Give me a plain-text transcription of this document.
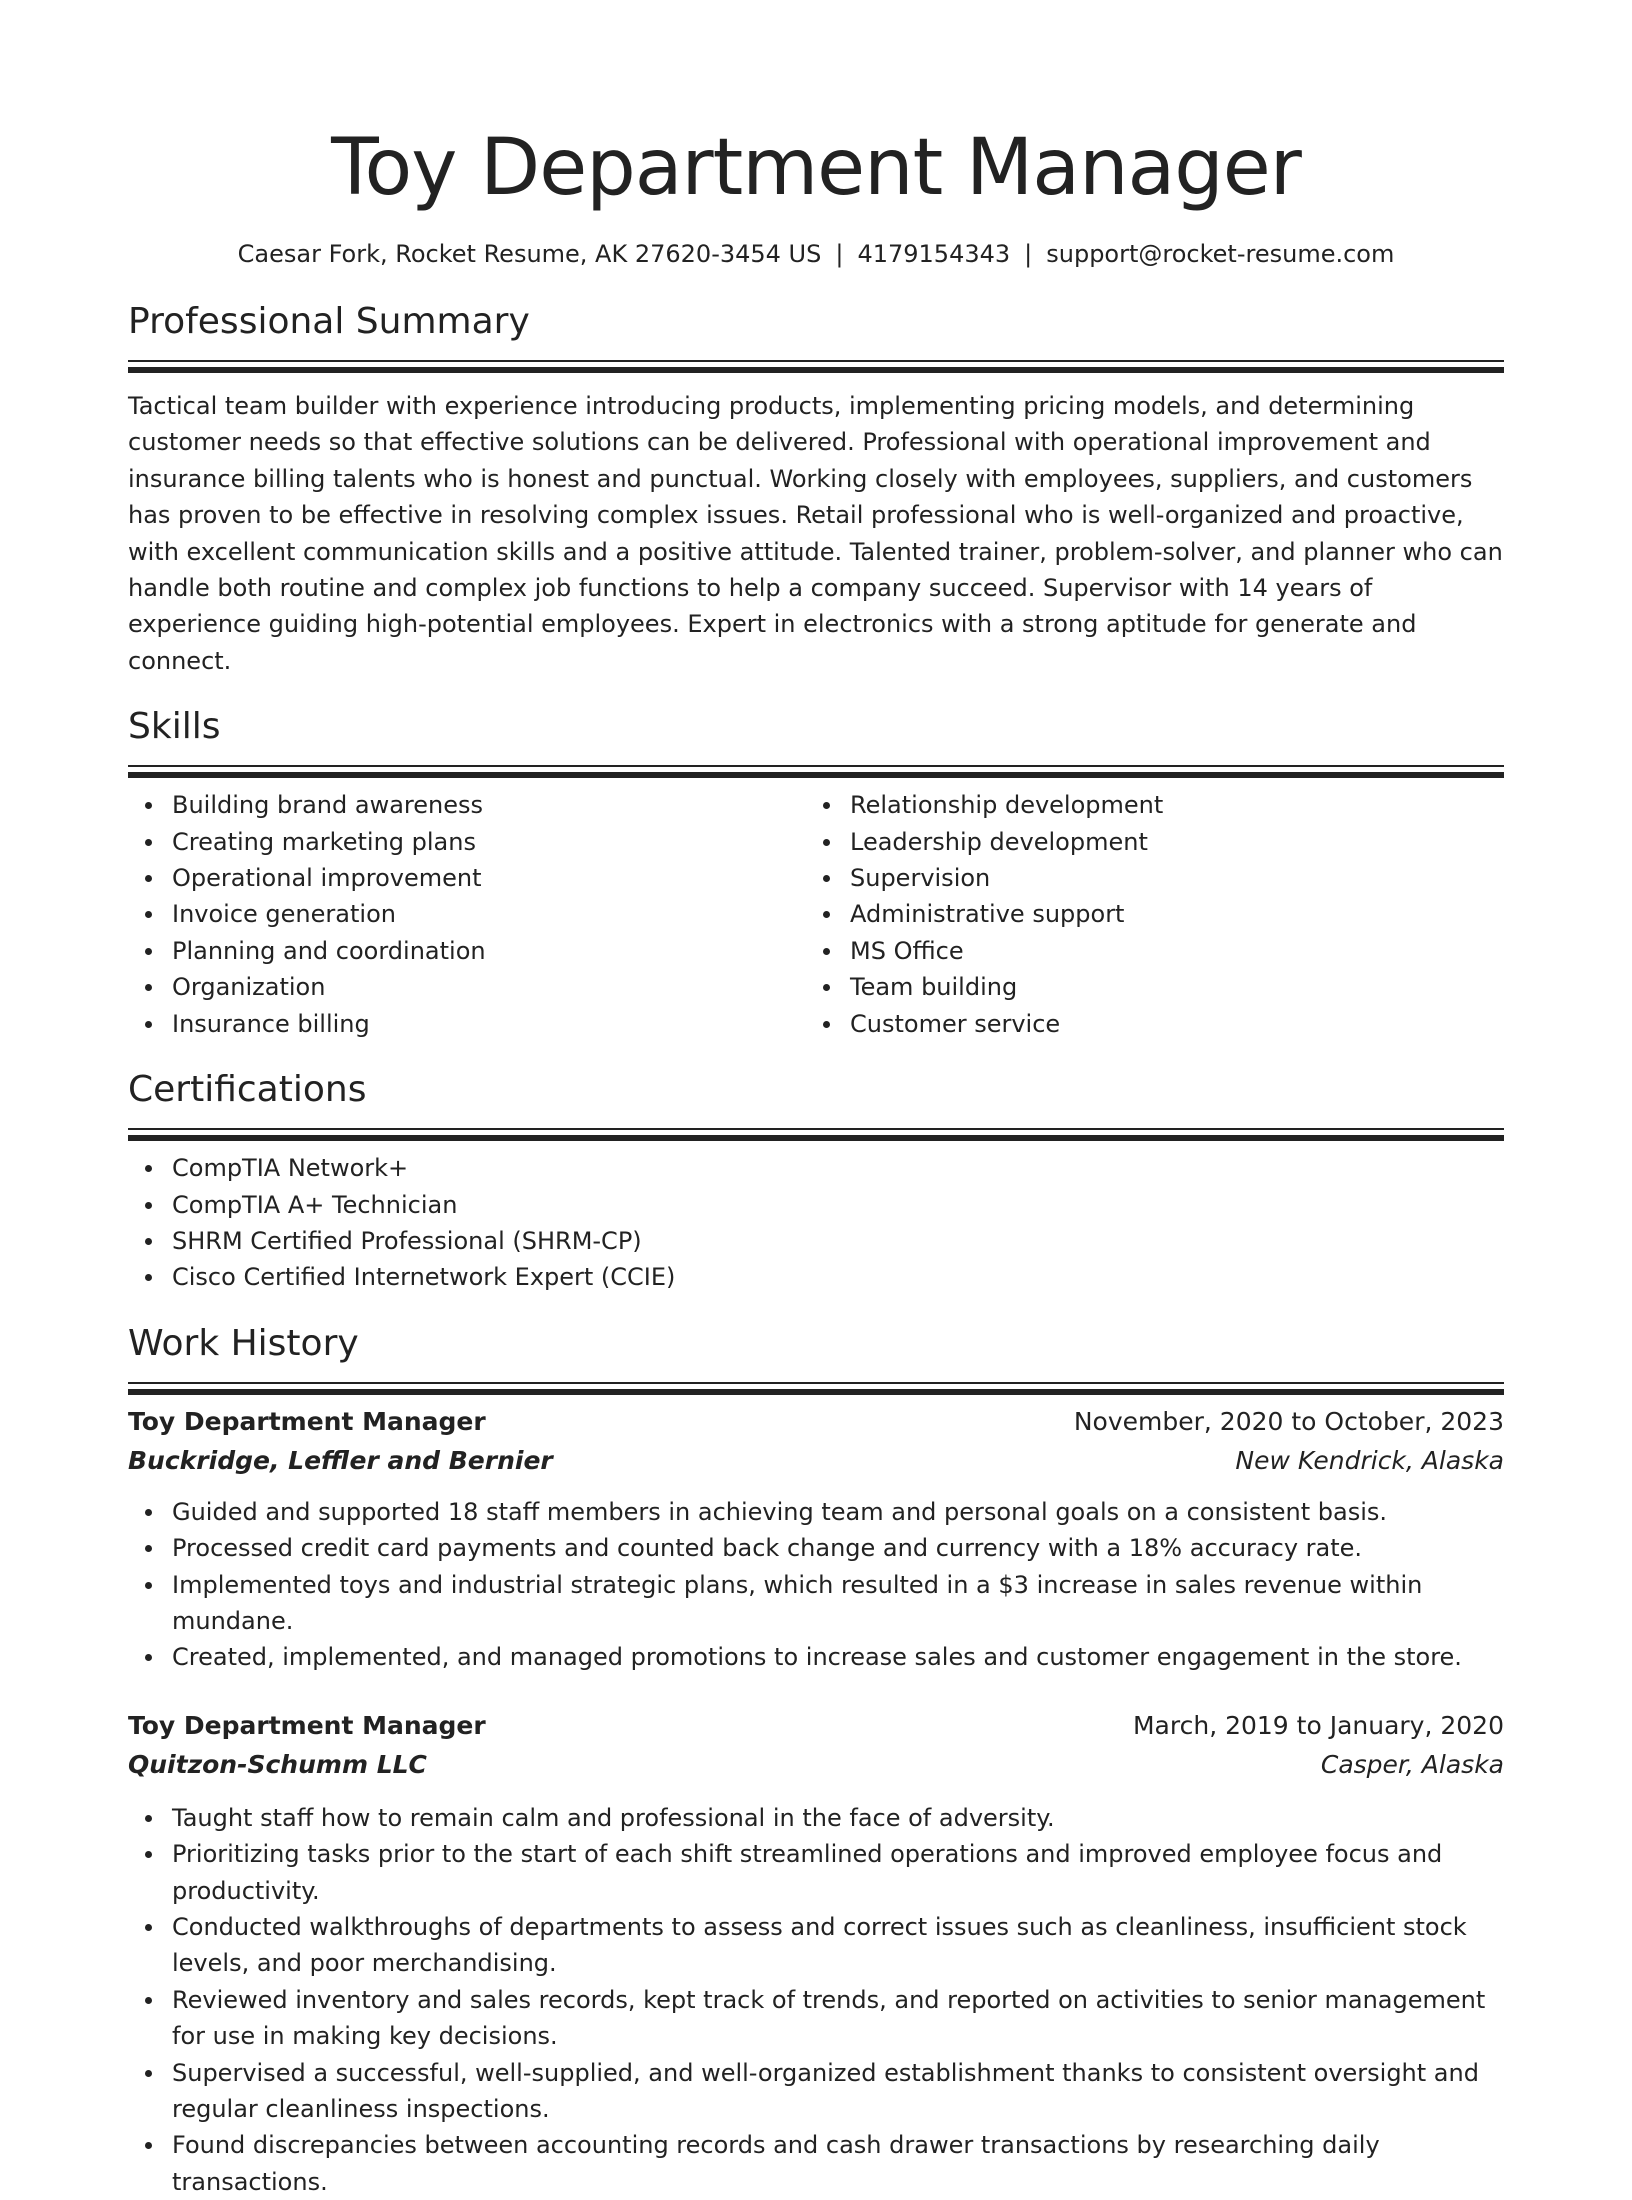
Toy Department Manager
Caesar Fork, Rocket Resume, AK 27620-3454 US | 4179154343 | support@rocket-resume.com
Professional Summary

Tactical team builder with experience introducing products, implementing pricing models, and determining customer needs so that effective solutions can be delivered. Professional with operational improvement and insurance billing talents who is honest and punctual. Working closely with employees, suppliers, and customers has proven to be effective in resolving complex issues. Retail professional who is well-organized and proactive, with excellent communication skills and a positive attitude. Talented trainer, problem-solver, and planner who can handle both routine and complex job functions to help a company succeed. Supervisor with 14 years of experience guiding high-potential employees. Expert in electronics with a strong aptitude for generate and connect.

Skills
Building brand awareness
Creating marketing plans
Operational improvement
Invoice generation
Planning and coordination
Organization
Insurance billing
Relationship development
Leadership development
Supervision
Administrative support
MS Office
Team building
Customer service
Certifications
CompTIA Network+
CompTIA A+ Technician
SHRM Certified Professional (SHRM-CP)
Cisco Certified Internetwork Expert (CCIE)
Work History
Toy Department Manager	November, 2020 to October, 2023
Buckridge, Leffler and Bernier	New Kendrick, Alaska
Guided and supported 18 staff members in achieving team and personal goals on a consistent basis.
Processed credit card payments and counted back change and currency with a 18% accuracy rate.
Implemented toys and industrial strategic plans, which resulted in a $3 increase in sales revenue within mundane.
Created, implemented, and managed promotions to increase sales and customer engagement in the store.
Toy Department Manager	March, 2019 to January, 2020
Quitzon-Schumm LLC	Casper, Alaska
Taught staff how to remain calm and professional in the face of adversity.
Prioritizing tasks prior to the start of each shift streamlined operations and improved employee focus and productivity.
Conducted walkthroughs of departments to assess and correct issues such as cleanliness, insufficient stock levels, and poor merchandising.
Reviewed inventory and sales records, kept track of trends, and reported on activities to senior management for use in making key decisions.
Supervised a successful, well-supplied, and well-organized establishment thanks to consistent oversight and regular cleanliness inspections.
Found discrepancies between accounting records and cash drawer transactions by researching daily transactions.
